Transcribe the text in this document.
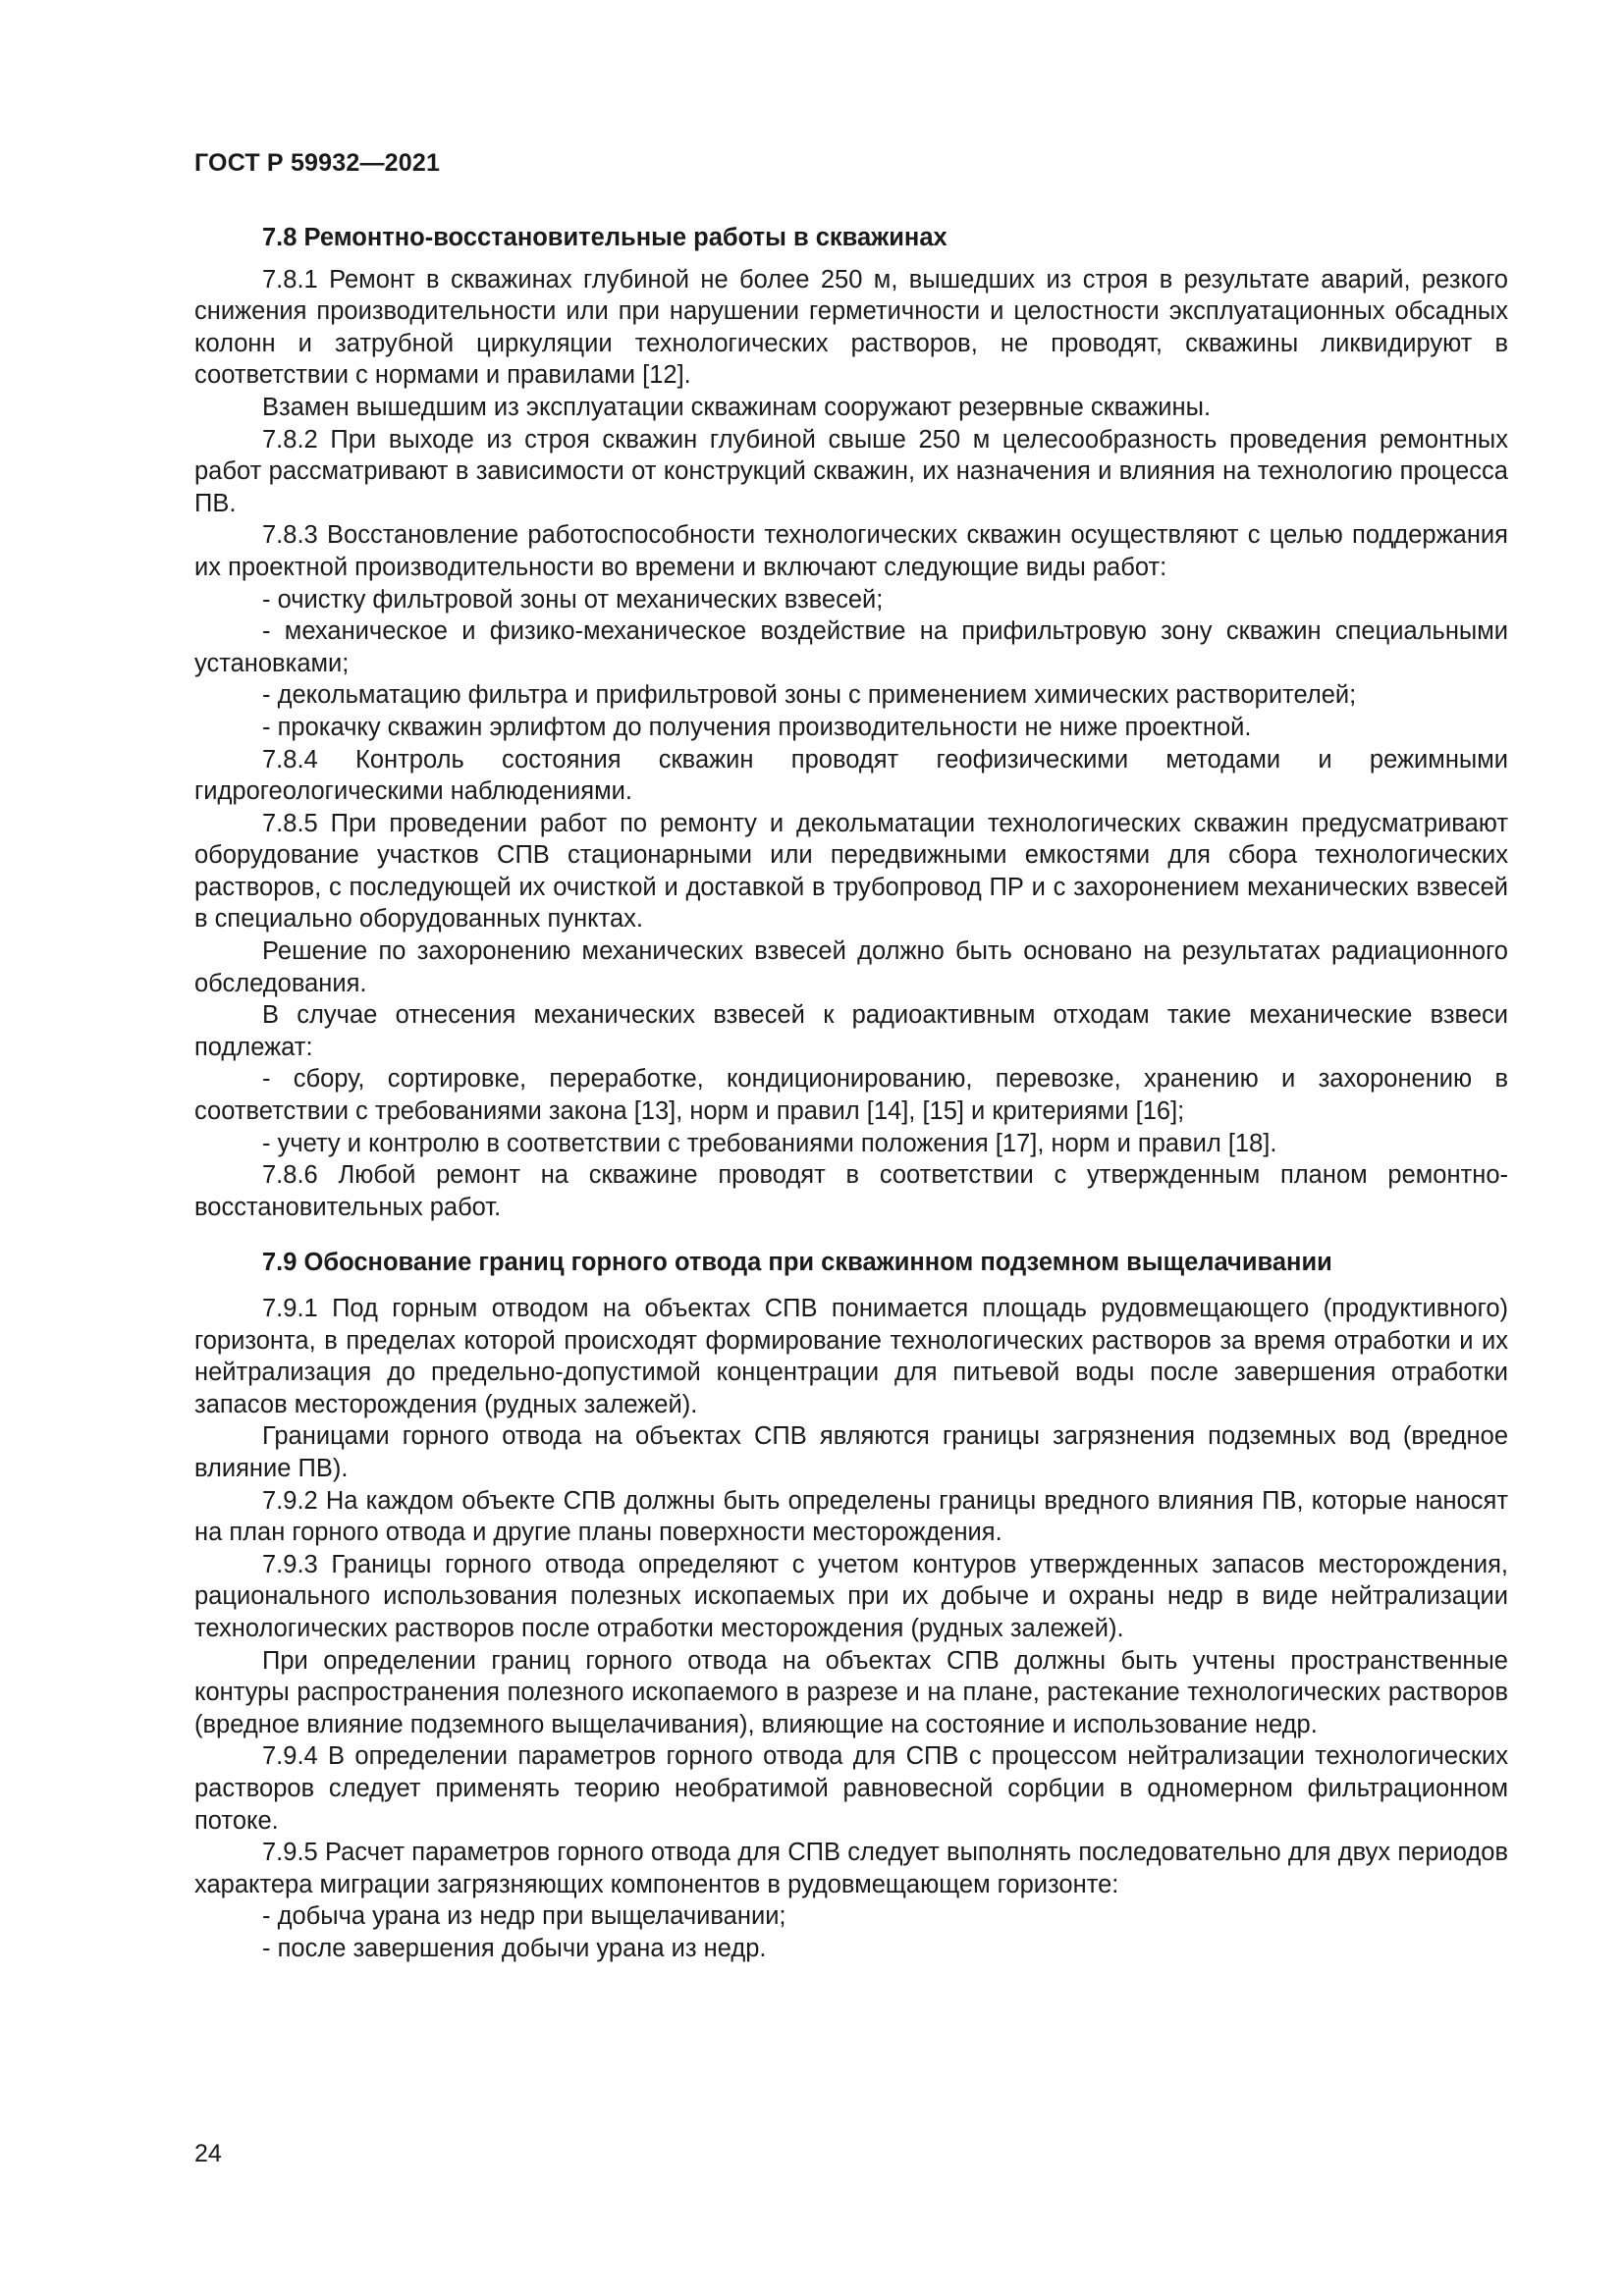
ГОСТ Р 59932—2021
7.8 Ремонтно-восстановительные работы в скважинах

7.8.1 Ремонт в скважинах глубиной не более 250 м, вышедших из строя в результате аварий, резкого снижения производительности или при нарушении герметичности и целостности эксплуатационных обсадных колонн и затрубной циркуляции технологических растворов, не проводят, скважины ликвидируют в соответствии с нормами и правилами [12].

Взамен вышедшим из эксплуатации скважинам сооружают резервные скважины.

7.8.2 При выходе из строя скважин глубиной свыше 250 м целесообразность проведения ремонтных работ рассматривают в зависимости от конструкций скважин, их назначения и влияния на технологию процесса ПВ.

7.8.3 Восстановление работоспособности технологических скважин осуществляют с целью поддержания их проектной производительности во времени и включают следующие виды работ:

- очистку фильтровой зоны от механических взвесей;

- механическое и физико-механическое воздействие на прифильтровую зону скважин специальными установками;

- декольматацию фильтра и прифильтровой зоны с применением химических растворителей;

- прокачку скважин эрлифтом до получения производительности не ниже проектной.

7.8.4 Контроль состояния скважин проводят геофизическими методами и режимными гидрогеологическими наблюдениями.

7.8.5 При проведении работ по ремонту и декольматации технологических скважин предусматривают оборудование участков СПВ стационарными или передвижными емкостями для сбора технологических растворов, с последующей их очисткой и доставкой в трубопровод ПР и с захоронением механических взвесей в специально оборудованных пунктах.

Решение по захоронению механических взвесей должно быть основано на результатах радиационного обследования.

В случае отнесения механических взвесей к радиоактивным отходам такие механические взвеси подлежат:

- сбору, сортировке, переработке, кондиционированию, перевозке, хранению и захоронению в соответствии с требованиями закона [13], норм и правил [14], [15] и критериями [16];

- учету и контролю в соответствии с требованиями положения [17], норм и правил [18].

7.8.6 Любой ремонт на скважине проводят в соответствии с утвержденным планом ремонтно-восстановительных работ.

7.9 Обоснование границ горного отвода при скважинном подземном выщелачивании

7.9.1 Под горным отводом на объектах СПВ понимается площадь рудовмещающего (продуктивного) горизонта, в пределах которой происходят формирование технологических растворов за время отработки и их нейтрализация до предельно-допустимой концентрации для питьевой воды после завершения отработки запасов месторождения (рудных залежей).

Границами горного отвода на объектах СПВ являются границы загрязнения подземных вод (вредное влияние ПВ).

7.9.2 На каждом объекте СПВ должны быть определены границы вредного влияния ПВ, которые наносят на план горного отвода и другие планы поверхности месторождения.

7.9.3 Границы горного отвода определяют с учетом контуров утвержденных запасов месторождения, рационального использования полезных ископаемых при их добыче и охраны недр в виде нейтрализации технологических растворов после отработки месторождения (рудных залежей).

При определении границ горного отвода на объектах СПВ должны быть учтены пространственные контуры распространения полезного ископаемого в разрезе и на плане, растекание технологических растворов (вредное влияние подземного выщелачивания), влияющие на состояние и использование недр.

7.9.4 В определении параметров горного отвода для СПВ с процессом нейтрализации технологических растворов следует применять теорию необратимой равновесной сорбции в одномерном фильтрационном потоке.

7.9.5 Расчет параметров горного отвода для СПВ следует выполнять последовательно для двух периодов характера миграции загрязняющих компонентов в рудовмещающем горизонте:

- добыча урана из недр при выщелачивании;

- после завершения добычи урана из недр.

24
